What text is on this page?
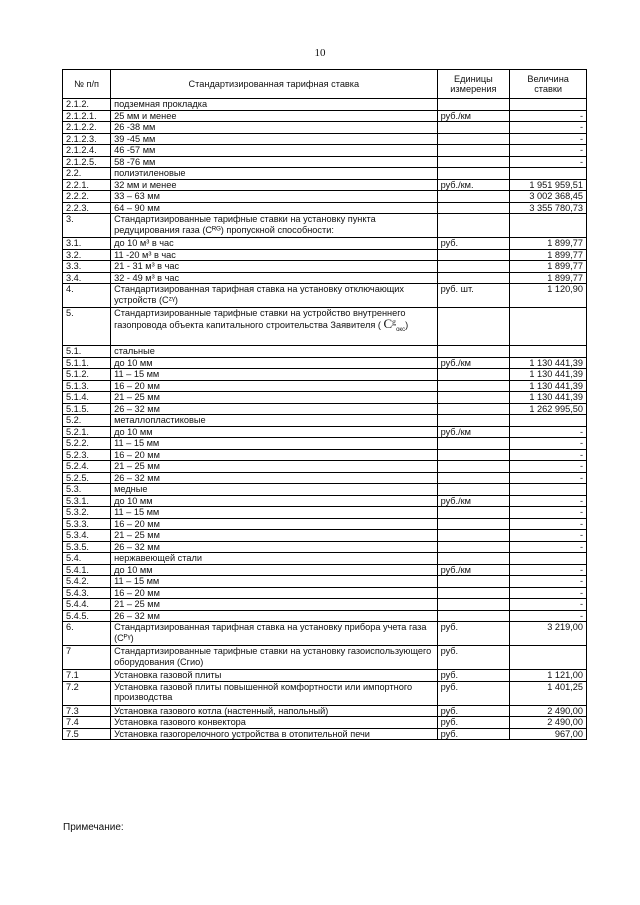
10
№ п/п	Стандартизированная тарифная ставка	Единицы измерения	Величина ставки
2.1.2.	подземная прокладка		
2.1.2.1.	25 мм и менее	руб./км	-
2.1.2.2.	26 -38 мм		-
2.1.2.3.	39 -45 мм		-
2.1.2.4.	46 -57 мм		-
2.1.2.5.	58 -76 мм		-
2.2.	полиэтиленовые		
2.2.1.	32 мм и менее	руб./км.	1 951 959,51
2.2.2.	33 – 63 мм		3 002 368,45
2.2.3.	64 – 90 мм		3 355 780,73
3.	Стандартизированные тарифные ставки на установку пункта редуцирования газа (Cᴿᴳ) пропускной способности:		
3.1.	до 10 м³ в час	руб.	1 899,77
3.2.	11 -20 м³ в час		1 899,77
3.3.	21 - 31 м³ в час		1 899,77
3.4.	32 - 49 м³ в час		1 899,77
4.	Стандартизированная тарифная ставка на установку отключающих устройств (Cᶻᵞ)	руб. шт.	1 120,90
5.	Стандартизированные тарифные ставки на устройство внутреннего газопровода объекта капитального строительства Заявителя ( Cᵍ$_{окс}$)		
5.1.	стальные		
5.1.1.	до 10 мм	руб./км	1 130 441,39
5.1.2.	11 – 15 мм		1 130 441,39
5.1.3.	16 – 20 мм		1 130 441,39
5.1.4.	21 – 25 мм		1 130 441,39
5.1.5.	26 – 32 мм		1 262 995,50
5.2.	металлопластиковые		
5.2.1.	до 10 мм	руб./км	-
5.2.2.	11 – 15 мм		-
5.2.3.	16 – 20 мм		-
5.2.4.	21 – 25 мм		-
5.2.5.	26 – 32 мм		-
5.3.	медные		
5.3.1.	до 10 мм	руб./км	-
5.3.2.	11 – 15 мм		-
5.3.3.	16 – 20 мм		-
5.3.4.	21 – 25 мм		-
5.3.5.	26 – 32 мм		-
5.4.	нержавеющей стали		
5.4.1.	до 10 мм	руб./км	-
5.4.2.	11 – 15 мм		-
5.4.3.	16 – 20 мм		-
5.4.4.	21 – 25 мм		-
5.4.5.	26 – 32 мм		-
6.	Стандартизированная тарифная ставка на установку прибора учета газа (Cᴾᵞ)	руб.	3 219,00
7	Стандартизированные тарифные ставки на установку газоиспользующего оборудования (Сгио)	руб.	
7.1	Установка газовой плиты	руб.	1 121,00
7.2	Установка газовой плиты повышенной комфортности или импортного производства	руб.	1 401,25
7.3	Установка газового котла (настенный, напольный)	руб.	2 490,00
7.4	Установка газового конвектора	руб.	2 490,00
7.5	Установка газогорелочного устройства в отопительной печи	руб.	967,00
Примечание:
